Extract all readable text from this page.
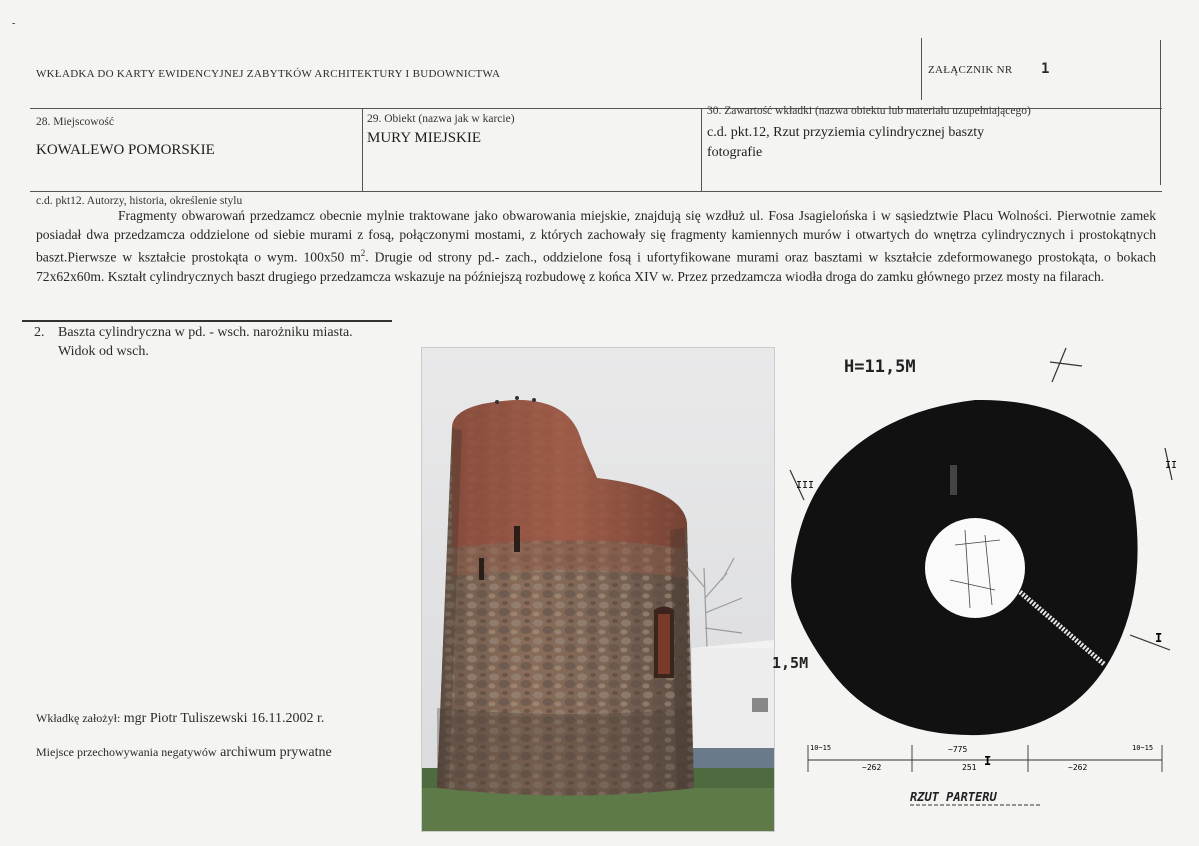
-
WKŁADKA DO KARTY EWIDENCYJNEJ ZABYTKÓW ARCHITEKTURY I BUDOWNICTWA	ZAŁĄCZNIK NR 1
28. Miejscowość
KOWALEWO POMORSKIE
29. Obiekt (nazwa jak w karcie)
MURY MIEJSKIE
30. Zawartość wkładki (nazwa obiektu lub materiału uzupełniającego)
c.d. pkt.12, Rzut przyziemia cylindrycznej baszty
fotografie
c.d. pkt12. Autorzy, historia, określenie stylu
Fragmenty obwarowań przedzamcz obecnie mylnie traktowane jako obwarowania miejskie, znajdują się wzdłuż ul. Fosa Jsagielońska i w sąsiedztwie Placu Wolności. Pierwotnie zamek posiadał dwa przedzamcza oddzielone od siebie murami z fosą, połączonymi mostami, z których zachowały się fragmenty kamiennych murów i otwartych do wnętrza cylindrycznych i prostokątnych baszt.Pierwsze w kształcie prostokąta o wym. 100x50 $m^2$. Drugie od strony pd.- zach., oddzielone fosą i ufortyfikowane murami oraz basztami w kształcie zdeformowanego prostokąta, o bokach 72x62x60m. Kształt cylindrycznych baszt drugiego przedzamcza wskazuje na późniejszą rozbudowę z końca XIV w. Przez przedzamcza wiodła droga do zamku głównego przez mosty na filarach.
2. Baszta cylindryczna w pd. - wsch. narożniku miasta.
Widok od wsch.
III
II
I
H=11,5M
1,5M
10~15	10~15
~775
~262	251 I	~262
RZUT PARTERU
Wkładkę założył: mgr Piotr Tuliszewski 16.11.2002 r.
Miejsce przechowywania negatywów archiwum prywatne
